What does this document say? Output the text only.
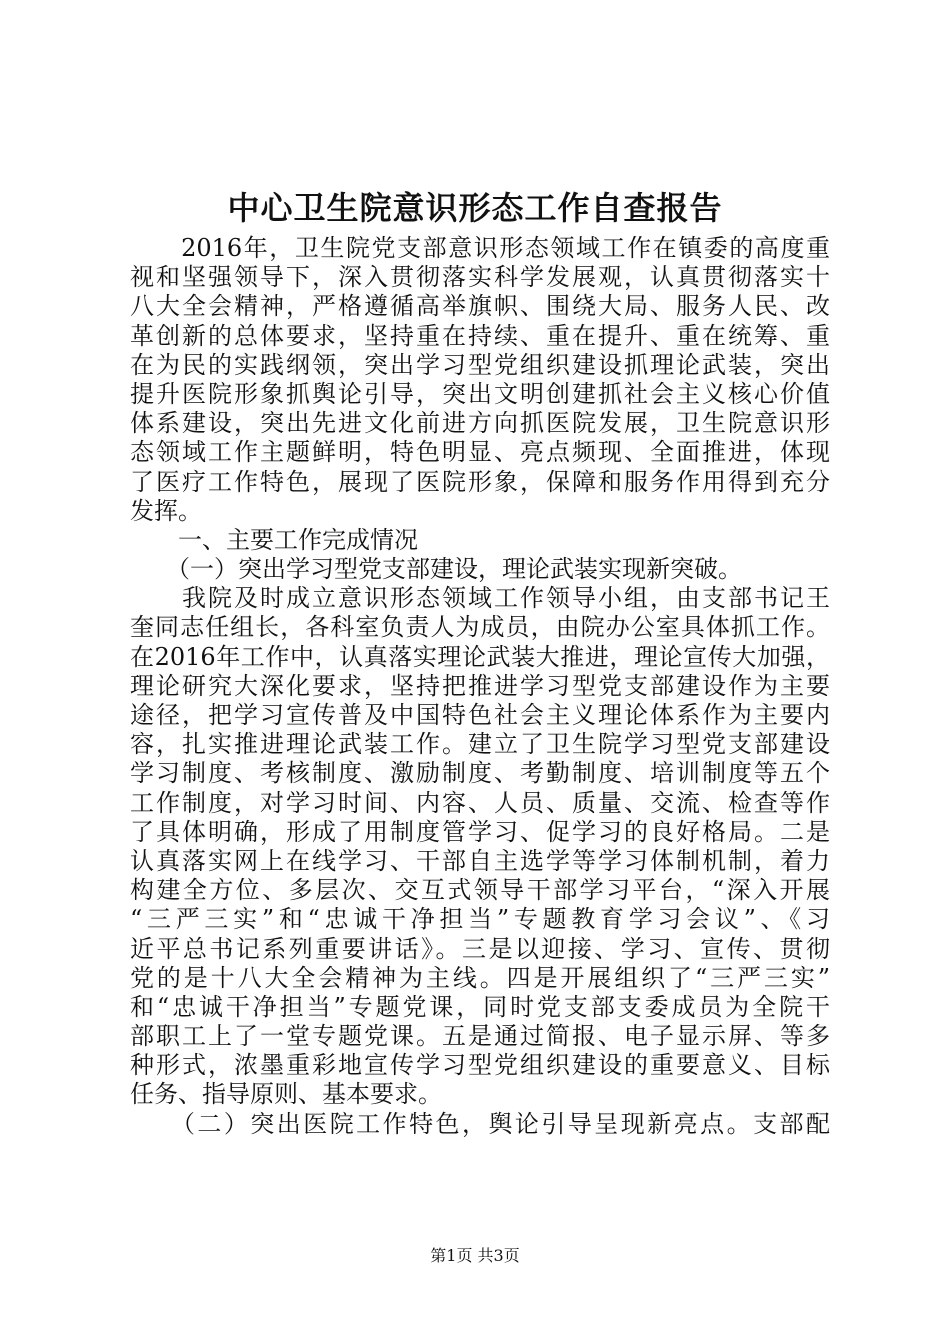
中心卫生院意识形态工作自查报告
　　2016年，卫生院党支部意识形态领域工作在镇委的高度重
视和坚强领导下，深入贯彻落实科学发展观，认真贯彻落实十
八大全会精神，严格遵循高举旗帜、围绕大局、服务人民、改
革创新的总体要求，坚持重在持续、重在提升、重在统筹、重
在为民的实践纲领，突出学习型党组织建设抓理论武装，突出
提升医院形象抓舆论引导，突出文明创建抓社会主义核心价值
体系建设，突出先进文化前进方向抓医院发展，卫生院意识形
态领域工作主题鲜明，特色明显、亮点频现、全面推进，体现
了医疗工作特色，展现了医院形象，保障和服务作用得到充分
发挥。
　　一、主要工作完成情况
　　（一）突出学习型党支部建设，理论武装实现新突破。
　　我院及时成立意识形态领域工作领导小组，由支部书记王
奎同志任组长，各科室负责人为成员，由院办公室具体抓工作。
在2016年工作中，认真落实理论武装大推进，理论宣传大加强，
理论研究大深化要求，坚持把推进学习型党支部建设作为主要
途径，把学习宣传普及中国特色社会主义理论体系作为主要内
容，扎实推进理论武装工作。建立了卫生院学习型党支部建设
学习制度、考核制度、激励制度、考勤制度、培训制度等五个
工作制度，对学习时间、内容、人员、质量、交流、检查等作
了具体明确，形成了用制度管学习、促学习的良好格局。二是
认真落实网上在线学习、干部自主选学等学习体制机制，着力
构建全方位、多层次、交互式领导干部学习平台，“深入开展
“三严三实”和“忠诚干净担当”专题教育学习会议”、《习
近平总书记系列重要讲话》。三是以迎接、学习、宣传、贯彻
党的是十八大全会精神为主线。四是开展组织了“三严三实”
和“忠诚干净担当”专题党课，同时党支部支委成员为全院干
部职工上了一堂专题党课。五是通过简报、电子显示屏、等多
种形式，浓墨重彩地宣传学习型党组织建设的重要意义、目标
任务、指导原则、基本要求。
　　（二）突出医院工作特色，舆论引导呈现新亮点。支部配
第1页 共3页
